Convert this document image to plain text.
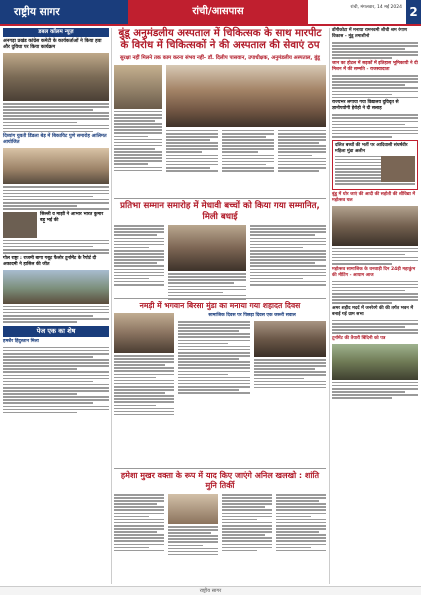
राष्ट्रीय सागर	रांची/आसपास	रांची, मंगलवार, 14 मई 2024 2
डबल कॉलम न्यूज़
अनगड़ा प्रखंड कांग्रेस कमेटी के कार्यकर्ताओं ने किया हवा और दुविधा पर किया कार्यक्रम
दिव्यांग युवती डिंडला बेड़ में बिकायिट पुणे समारोह आलिमत आयोजित
सिल्ली व माझी ने आभार भारत कुमार बड़ू भई की
गोल राष्ट्रा : राजमी बागा गबूट फैलोर टूर्नामेंट के रैपोर्ट दी अकादमी ने हासिल की जीत
पेज एक का शेष
हमशैर हिंदुस्तान मिला
बुंडू अनुमंडलीय अस्पताल में चिकित्सक के साथ मारपीट के विरोध में चिकित्सकों ने की अस्पताल की सेवाएं ठप
सुरक्षा नहीं मिलने तक काम करना संभव नहीं- डॉ. दिलीप पासवान, उपाधीक्षक, अनुमंडलीय अस्पताल, बुंडू
प्रतिभा सम्मान समारोह में मेधावी बच्चों को किया गया सम्मानित, मिली बधाई
नमड़ी में भगवान बिरसा मुंडा का मनाया गया शहादत दिवस
सामाजिक दिवस पर पिछड़ा दिवस एक जरूरी सवाल
हमेशा मुखर वक्ता के रूप में याद किए जाएंगे अनिल खलखो : शांति मुनि तिर्की
डोंगीकोटा में मनाया रामनवमी शौची श्रम रंगाण विकास - मुंडू तमाशीनो
जान का होटल में सड़कों में इतिहास भूमिकायी ने दी मिशन में की सम्मति - राजस्वादाता
राज्यभर लगाया गया विद्यालय दुविदृत से ज्ञानोपयोगी हेरोहो ने दी सलाह
दलित बच्चों की भर्ती पर आदिवासी संघर्षवीर महिला मुंडा अलीन
बुंडू में धोर जाएं की आदी की सहोती की शौविद्या में महोत्सव चल
महोत्सव सामाजिक के धनवाड़ी दिन 24ड़ी महाकुंभ की मीटिंग - आयाम आज
अमर शहीद मदर्द में जनरेरगे की की तर्गत भवन में बनाई गई ग्राम सभा
टूर्नामेंट की तैयारी बिंदिनी को पत्र
राष्ट्रीय सागर
